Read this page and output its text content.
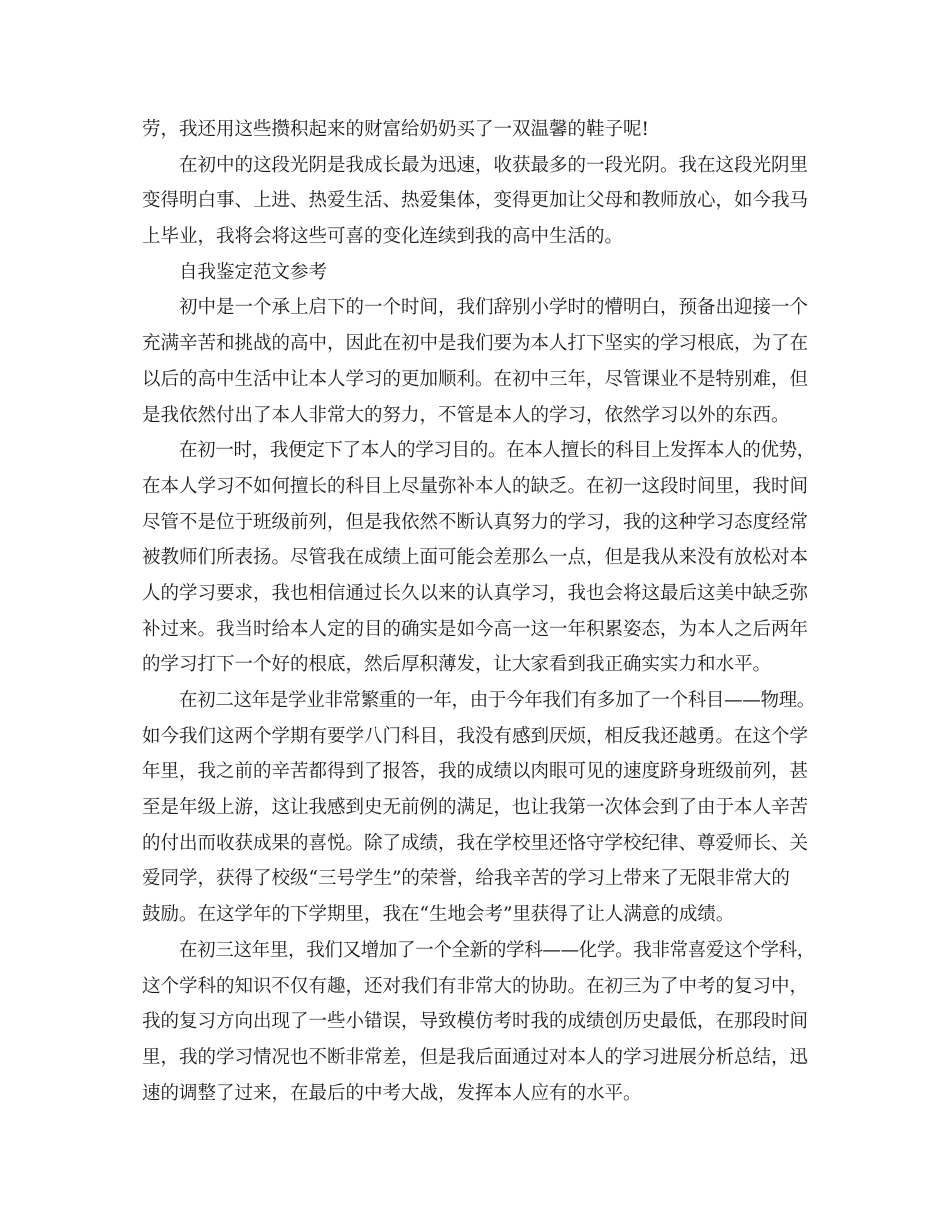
劳，我还用这些攒积起来的财富给奶奶买了一双温馨的鞋子呢!
在初中的这段光阴是我成长最为迅速，收获最多的一段光阴。我在这段光阴里
变得明白事、上进、热爱生活、热爱集体，变得更加让父母和教师放心，如今我马
上毕业，我将会将这些可喜的变化连续到我的高中生活的。
自我鉴定范文参考
初中是一个承上启下的一个时间，我们辞别小学时的懵明白，预备出迎接一个
充满辛苦和挑战的高中，因此在初中是我们要为本人打下坚实的学习根底，为了在
以后的高中生活中让本人学习的更加顺利。在初中三年，尽管课业不是特别难，但
是我依然付出了本人非常大的努力，不管是本人的学习，依然学习以外的东西。
在初一时，我便定下了本人的学习目的。在本人擅长的科目上发挥本人的优势，
在本人学习不如何擅长的科目上尽量弥补本人的缺乏。在初一这段时间里，我时间
尽管不是位于班级前列，但是我依然不断认真努力的学习，我的这种学习态度经常
被教师们所表扬。尽管我在成绩上面可能会差那么一点，但是我从来没有放松对本
人的学习要求，我也相信通过长久以来的认真学习，我也会将这最后这美中缺乏弥
补过来。我当时给本人定的目的确实是如今高一这一年积累姿态，为本人之后两年
的学习打下一个好的根底，然后厚积薄发，让大家看到我正确实实力和水平。
在初二这年是学业非常繁重的一年，由于今年我们有多加了一个科目——物理。
如今我们这两个学期有要学八门科目，我没有感到厌烦，相反我还越勇。在这个学
年里，我之前的辛苦都得到了报答，我的成绩以肉眼可见的速度跻身班级前列，甚
至是年级上游，这让我感到史无前例的满足，也让我第一次体会到了由于本人辛苦
的付出而收获成果的喜悦。除了成绩，我在学校里还恪守学校纪律、尊爱师长、关
爱同学，获得了校级“三号学生”的荣誉，给我辛苦的学习上带来了无限非常大的
鼓励。在这学年的下学期里，我在“生地会考”里获得了让人满意的成绩。
在初三这年里，我们又增加了一个全新的学科——化学。我非常喜爱这个学科，
这个学科的知识不仅有趣，还对我们有非常大的协助。在初三为了中考的复习中，
我的复习方向出现了一些小错误，导致模仿考时我的成绩创历史最低，在那段时间
里，我的学习情况也不断非常差，但是我后面通过对本人的学习进展分析总结，迅
速的调整了过来，在最后的中考大战，发挥本人应有的水平。
